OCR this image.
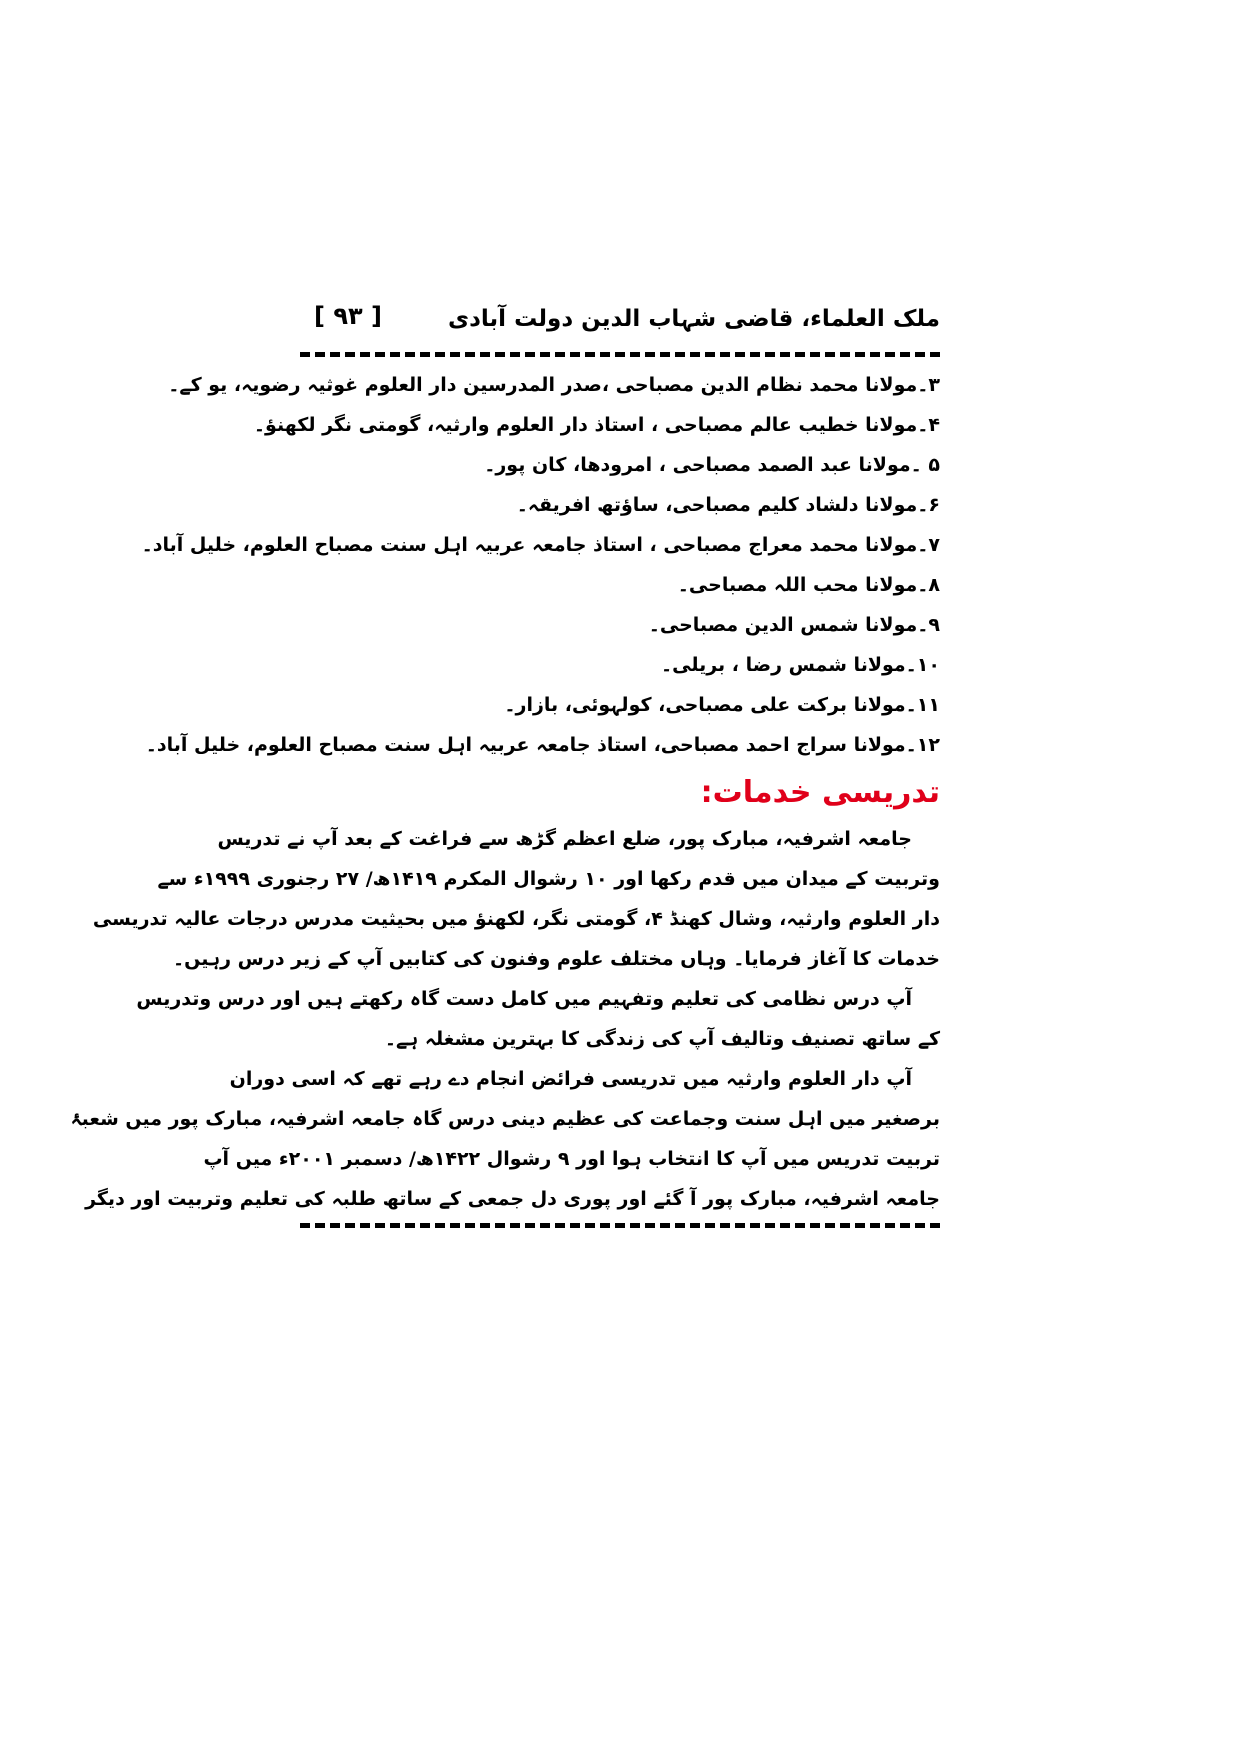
ملک العلماء، قاضی شہاب الدین دولت آبادی
[ ۹۳ ]
۳۔مولانا محمد نظام الدین مصباحی ،صدر المدرسین دار العلوم غوثیہ رضویہ، یو کے۔
۴۔مولانا خطیب عالم مصباحی ، استاذ دار العلوم وارثیہ، گومتی نگر لکھنؤ۔
۵ ۔مولانا عبد الصمد مصباحی ، امرودھا، کان پور۔
۶۔مولانا دلشاد کلیم مصباحی، ساؤتھ افریقہ۔
۷۔مولانا محمد معراج مصباحی ، استاذ جامعہ عربیہ اہل سنت مصباح العلوم، خلیل آباد۔
۸۔مولانا محب اللہ مصباحی۔
۹۔مولانا شمس الدین مصباحی۔
۱۰۔مولانا شمس رضا ، بریلی۔
۱۱۔مولانا برکت علی مصباحی، کولہوئی، بازار۔
۱۲۔مولانا سراج احمد مصباحی، استاذ جامعہ عربیہ اہل سنت مصباح العلوم، خلیل آباد۔
تدریسی خدمات:
جامعہ اشرفیہ، مبارک پور، ضلع اعظم گڑھ سے فراغت کے بعد آپ نے تدریس
وتربیت کے میدان میں قدم رکھا اور ۱۰ رشوال المکرم ۱۴۱۹ھ/ ۲۷ رجنوری ۱۹۹۹ء سے
دار العلوم وارثیہ، وشال کھنڈ ۴، گومتی نگر، لکھنؤ میں بحیثیت مدرس درجات عالیہ تدریسی
خدمات کا آغاز فرمایا۔ وہاں مختلف علوم وفنون کی کتابیں آپ کے زیر درس رہیں۔
آپ درس نظامی کی تعلیم وتفہیم میں کامل دست گاہ رکھتے ہیں اور درس وتدریس
کے ساتھ تصنیف وتالیف آپ کی زندگی کا بہترین مشغلہ ہے۔
آپ دار العلوم وارثیہ میں تدریسی فرائض انجام دے رہے تھے کہ اسی دوران
برصغیر میں اہل سنت وجماعت کی عظیم دینی درس گاہ جامعہ اشرفیہ، مبارک پور میں شعبۂ
تربیت تدریس میں آپ کا انتخاب ہوا اور ۹ رشوال ۱۴۲۲ھ/ دسمبر ۲۰۰۱ء میں آپ
جامعہ اشرفیہ، مبارک پور آ گئے اور پوری دل جمعی کے ساتھ طلبہ کی تعلیم وتربیت اور دیگر
